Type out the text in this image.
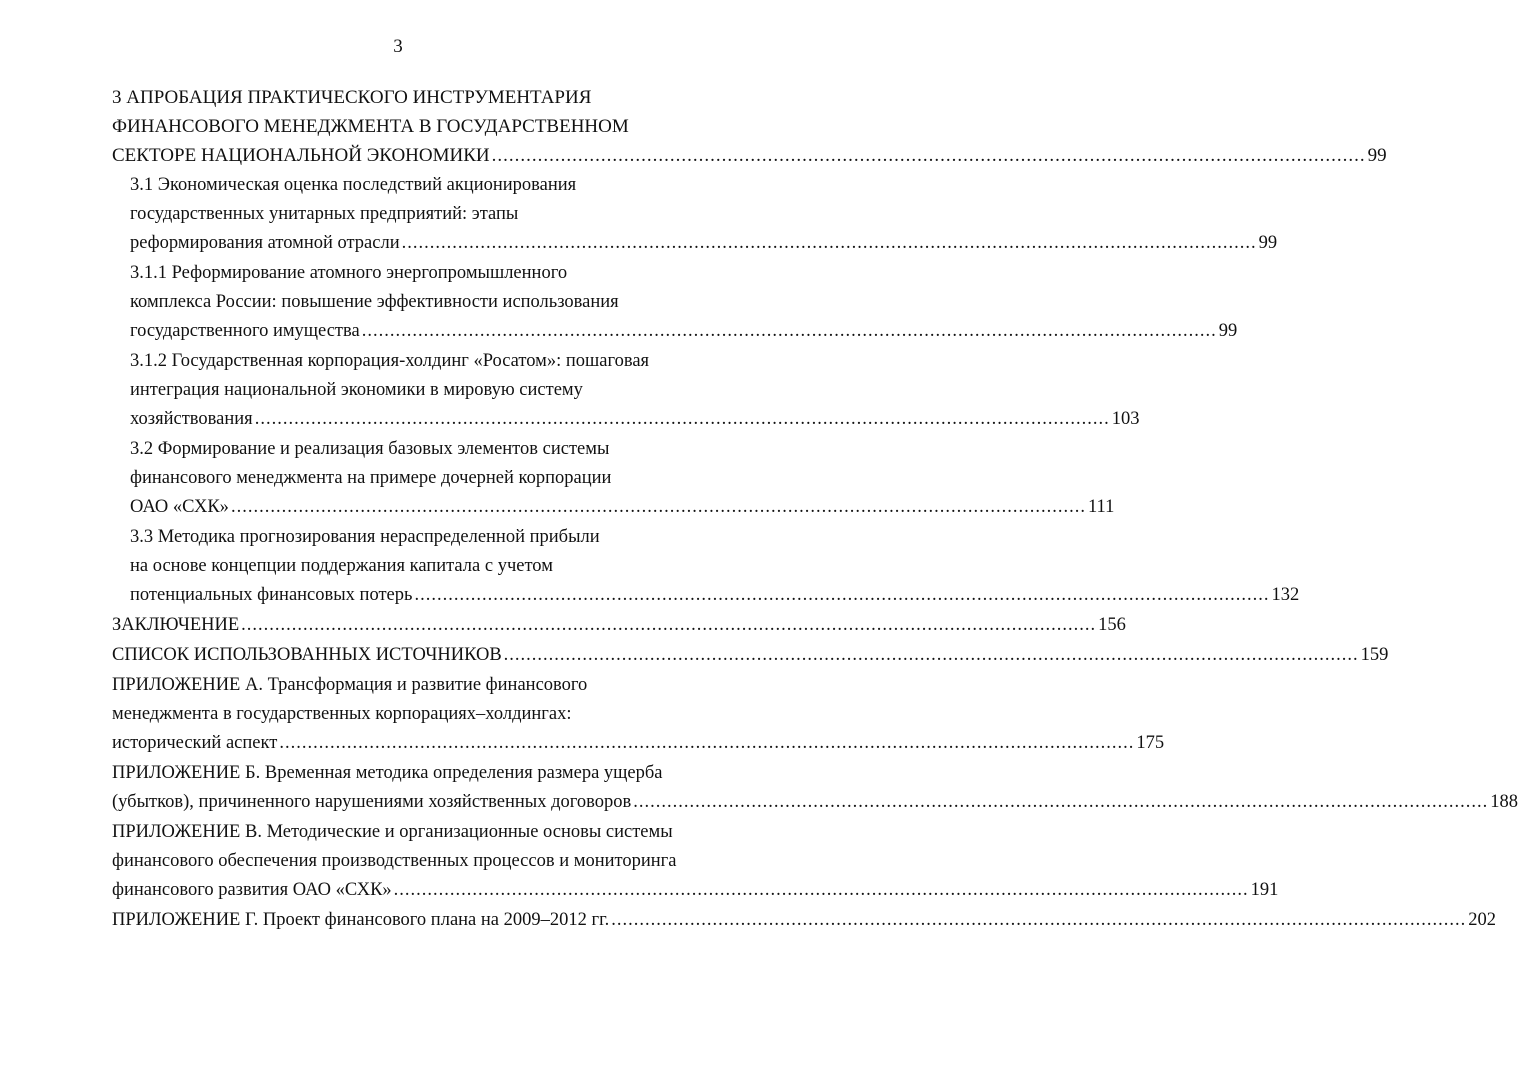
3
3 АПРОБАЦИЯ ПРАКТИЧЕСКОГО ИНСТРУМЕНТАРИЯ
ФИНАНСОВОГО МЕНЕДЖМЕНТА В ГОСУДАРСТВЕННОМ
СЕКТОРЕ НАЦИОНАЛЬНОЙ ЭКОНОМИКИ ........................................................................................................................................................ 99
3.1 Экономическая оценка последствий акционирования
государственных унитарных предприятий: этапы
реформирования атомной отрасли ........................................................................................................................................................ 99
3.1.1 Реформирование атомного энергопромышленного
комплекса России: повышение эффективности использования
государственного имущества ........................................................................................................................................................ 99
3.1.2 Государственная корпорация-холдинг «Росатом»: пошаговая
интеграция национальной экономики в мировую систему
хозяйствования ........................................................................................................................................................ 103
3.2 Формирование и реализация базовых элементов системы
финансового менеджмента на примере дочерней корпорации
ОАО «СХК» ........................................................................................................................................................ 111
3.3 Методика прогнозирования нераспределенной прибыли
на основе концепции поддержания капитала с учетом
потенциальных финансовых потерь ........................................................................................................................................................ 132
ЗАКЛЮЧЕНИЕ ........................................................................................................................................................ 156
СПИСОК ИСПОЛЬЗОВАННЫХ ИСТОЧНИКОВ ........................................................................................................................................................ 159
ПРИЛОЖЕНИЕ А. Трансформация и развитие финансового
менеджмента в государственных корпорациях–холдингах:
исторический аспект ........................................................................................................................................................ 175
ПРИЛОЖЕНИЕ Б. Временная методика определения размера ущерба
(убытков), причиненного нарушениями хозяйственных договоров ........................................................................................................................................................ 188
ПРИЛОЖЕНИЕ В. Методические и организационные основы системы
финансового обеспечения производственных процессов и мониторинга
финансового развития ОАО «СХК» ........................................................................................................................................................ 191
ПРИЛОЖЕНИЕ Г. Проект финансового плана на 2009–2012 гг. ........................................................................................................................................................ 202
